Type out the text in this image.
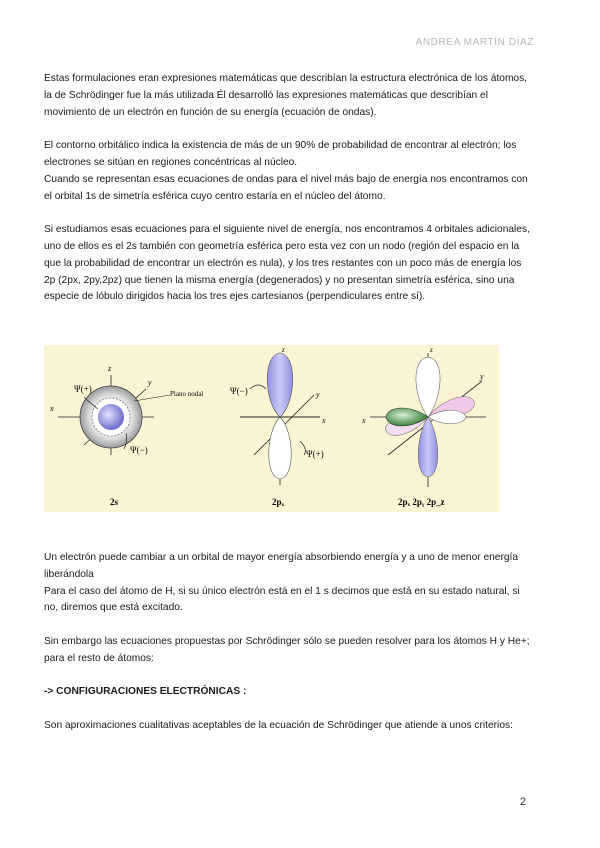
ANDREA MARTÍN DÍAZ

Estas formulaciones eran expresiones matemáticas que describían la estructura electrónica de los átomos, la de Schrödinger fue la más utilizada Él desarrolló las expresiones matemáticas que describían el movimiento de un electrón en función de su energía (ecuación de ondas).

El contorno orbitálico indica la existencia de más de un 90% de probabilidad de encontrar al electrón; los electrones se sitúan en regiones concéntricas al núcleo.

Cuando se representan esas ecuaciones de ondas para el nivel más bajo de energía nos encontramos con el orbital 1s de simetría esférica cuyo centro estaría en el núcleo del átomo.

Si estudiamos esas ecuaciones para el siguiente nivel de energía, nos encontramos 4 orbitales adicionales, uno de ellos es el 2s también con geometría esférica pero esta vez con un nodo (región del espacio en la que la probabilidad de encontrar un electrón es nula), y los tres restantes con un poco más de energía los 2p (2px, 2py,2pz) que tienen la misma energía (degenerados) y no presentan simetría esférica, sino una especie de lóbulo dirigidos hacia los tres ejes cartesianos (perpendiculares entre sí).

Ψ(+)	Plano nodal
Ψ(−)
x
y
z
2s
Ψ(−)
Ψ(+)
x
y
z
2pₓ
x
y
z
2pₓ 2pᵧ 2p_z

Un electrón puede cambiar a un orbital de mayor energía absorbiendo energía y a uno de menor energía liberándola

Para el caso del átomo de H, si su único electrón está en el 1 s decimos que está en su estado natural, si no, diremos que está excitado.

Sin embargo las ecuaciones propuestas por Schrödinger sólo se pueden resolver para los átomos H y He+; para el resto de átomos:

-> CONFIGURACIONES ELECTRÓNICAS :

Son aproximaciones cualitativas aceptables de la ecuación de Schrödinger que atiende a unos criterios:

2
